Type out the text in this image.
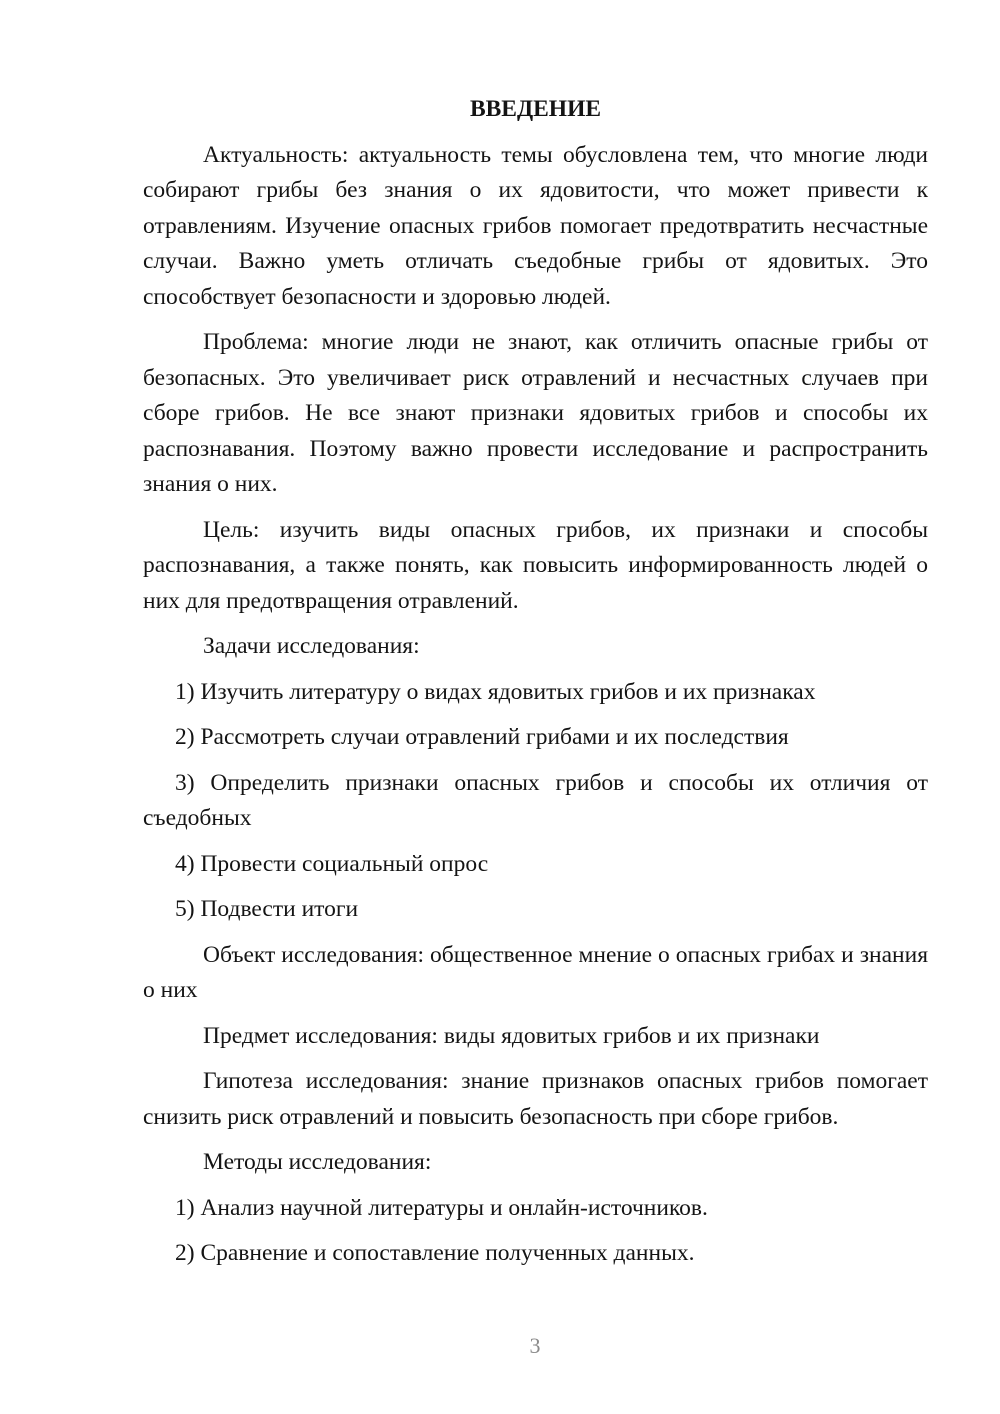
ВВЕДЕНИЕ

Актуальность: актуальность темы обусловлена тем, что многие люди собирают грибы без знания о их ядовитости, что может привести к отравлениям. Изучение опасных грибов помогает предотвратить несчастные случаи. Важно уметь отличать съедобные грибы от ядовитых. Это способствует безопасности и здоровью людей.

Проблема: многие люди не знают, как отличить опасные грибы от безопасных. Это увеличивает риск отравлений и несчастных случаев при сборе грибов. Не все знают признаки ядовитых грибов и способы их распознавания. Поэтому важно провести исследование и распространить знания о них.

Цель: изучить виды опасных грибов, их признаки и способы распознавания, а также понять, как повысить информированность людей о них для предотвращения отравлений.

Задачи исследования:

1) Изучить литературу о видах ядовитых грибов и их признаках

2) Рассмотреть случаи отравлений грибами и их последствия

3) Определить признаки опасных грибов и способы их отличия от съедобных

4) Провести социальный опрос

5) Подвести итоги

Объект исследования: общественное мнение о опасных грибах и знания о них

Предмет исследования: виды ядовитых грибов и их признаки

Гипотеза исследования: знание признаков опасных грибов помогает снизить риск отравлений и повысить безопасность при сборе грибов.

Методы исследования:

1) Анализ научной литературы и онлайн-источников.

2) Сравнение и сопоставление полученных данных.

3
